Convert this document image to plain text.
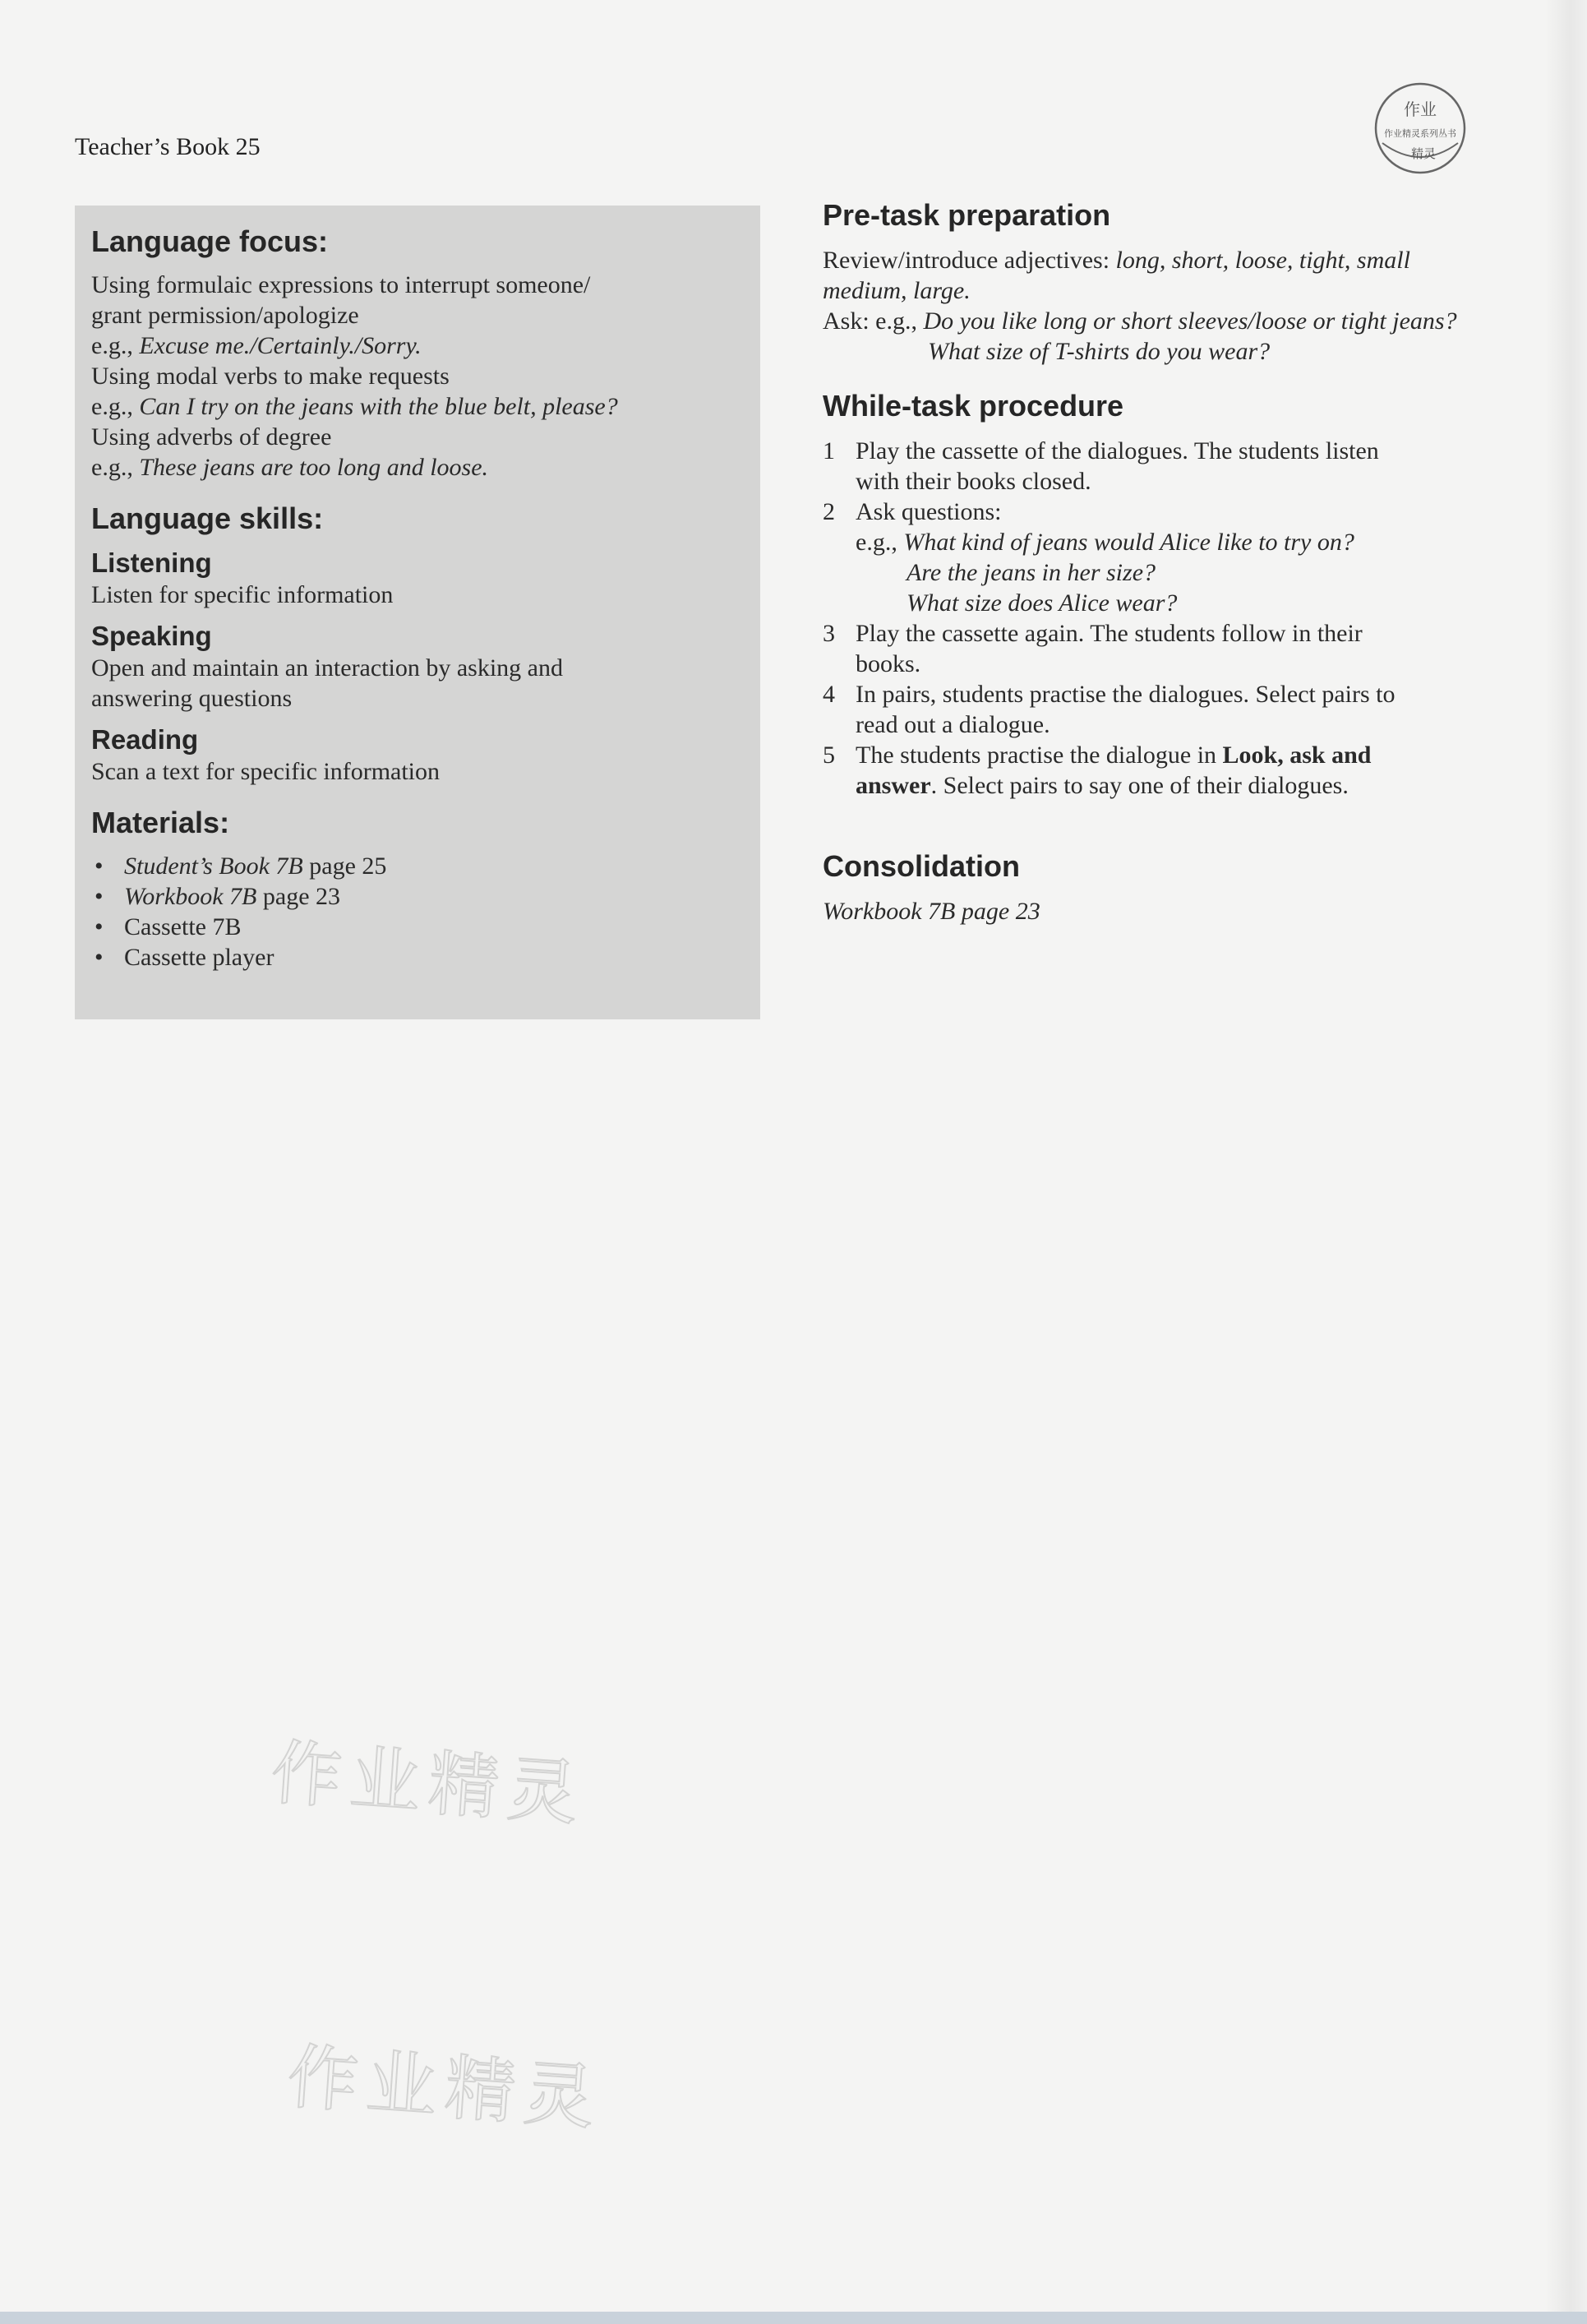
Teacher’s Book 25
作业
作业精灵系列丛书
精灵
Language focus:

Using formulaic expressions to interrupt someone/

grant permission/apologize

e.g., Excuse me./Certainly./Sorry.

Using modal verbs to make requests

e.g., Can I try on the jeans with the blue belt, please?

Using adverbs of degree

e.g., These jeans are too long and loose.

Language skills:
Listening

Listen for specific information

Speaking

Open and maintain an interaction by asking and

answering questions

Reading

Scan a text for specific information

Materials:
• Student’s Book 7B page 25
• Workbook 7B page 23
• Cassette 7B
• Cassette player
Pre-task preparation

Review/introduce adjectives: long, short, loose, tight, small

medium, large.

Ask: e.g., Do you like long or short sleeves/loose or tight jeans?

What size of T-shirts do you wear?

While-task procedure
1 Play the cassette of the dialogues. The students listen
with their books closed.
2 Ask questions:
e.g., What kind of jeans would Alice like to try on?
Are the jeans in her size?
What size does Alice wear?
3 Play the cassette again. The students follow in their
books.
4 In pairs, students practise the dialogues. Select pairs to
read out a dialogue.
5 The students practise the dialogue in Look, ask and
answer. Select pairs to say one of their dialogues.
Consolidation

Workbook 7B page 23

作业精灵
作业精灵
